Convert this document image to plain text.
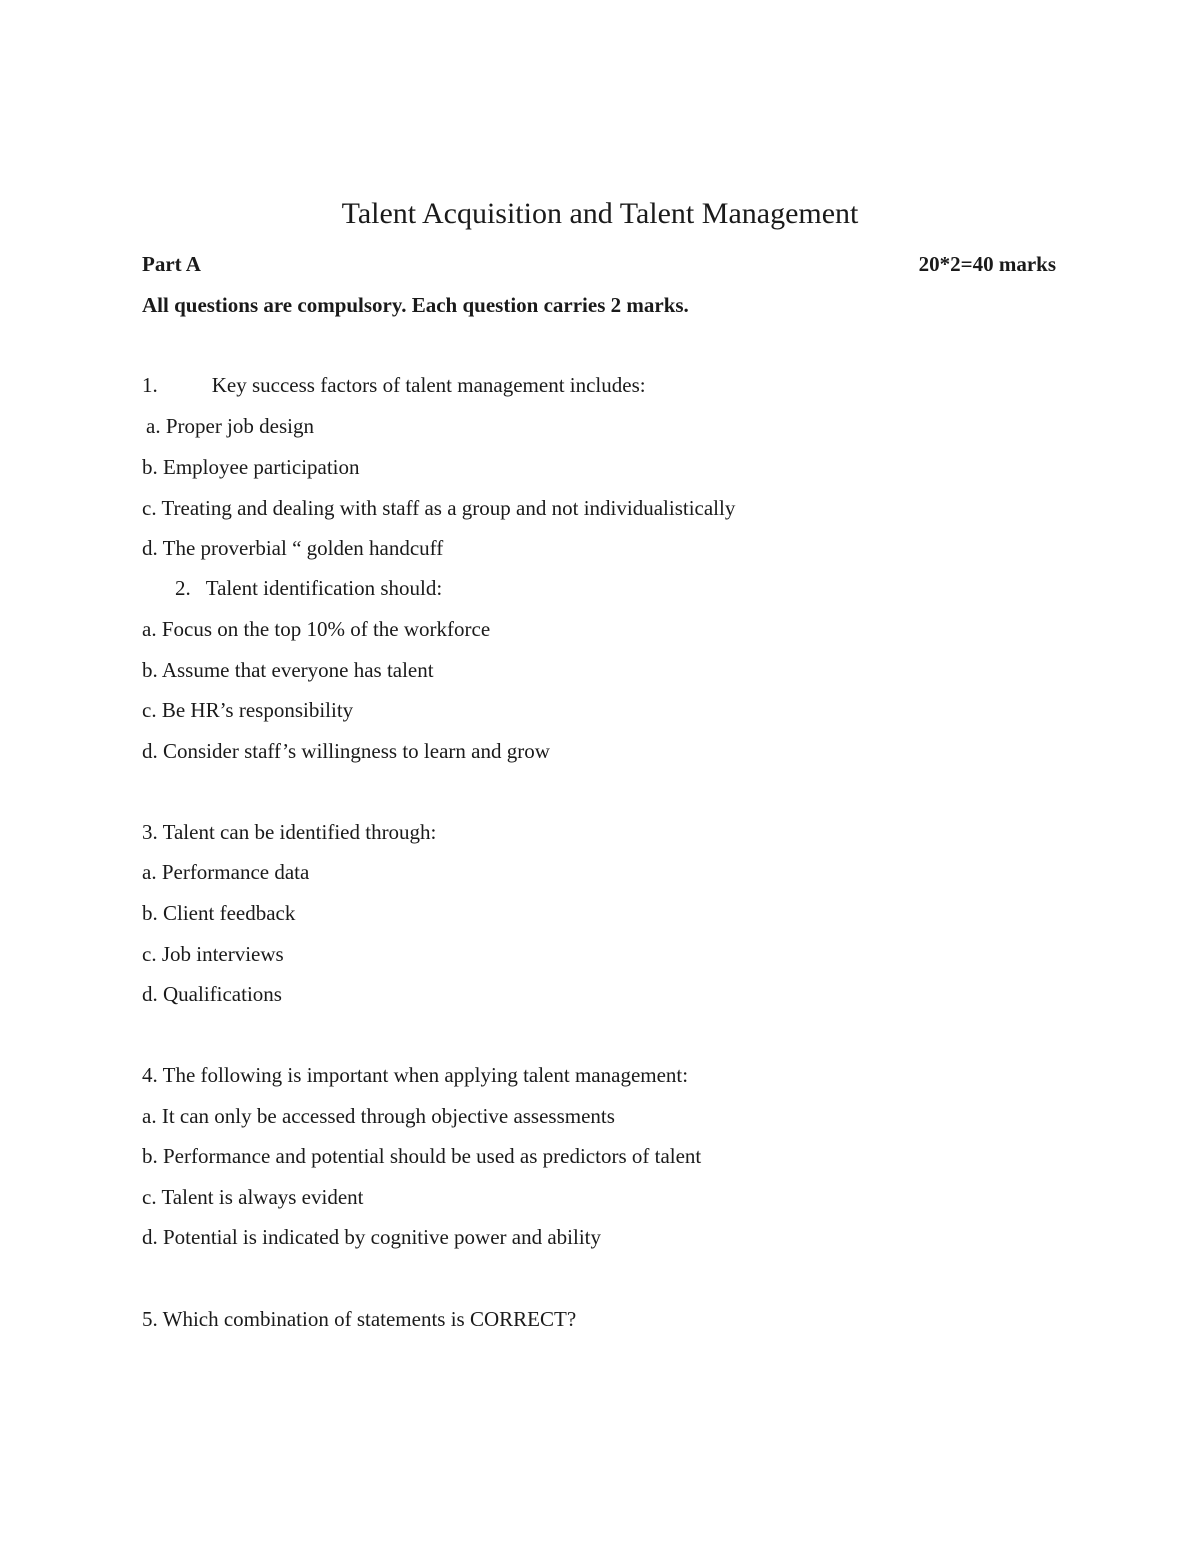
Talent Acquisition and Talent Management
Part A	20*2=40 marks
All questions are compulsory. Each question carries 2 marks.
1.	Key success factors of talent management includes:
a. Proper job design
b. Employee participation
c. Treating and dealing with staff as a group and not individualistically
d. The proverbial “ golden handcuff
2. Talent identification should:
a. Focus on the top 10% of the workforce
b. Assume that everyone has talent
c. Be HR’s responsibility
d. Consider staff’s willingness to learn and grow
3. Talent can be identified through:
a. Performance data
b. Client feedback
c. Job interviews
d. Qualifications
4. The following is important when applying talent management:
a. It can only be accessed through objective assessments
b. Performance and potential should be used as predictors of talent
c. Talent is always evident
d. Potential is indicated by cognitive power and ability
5. Which combination of statements is CORRECT?
